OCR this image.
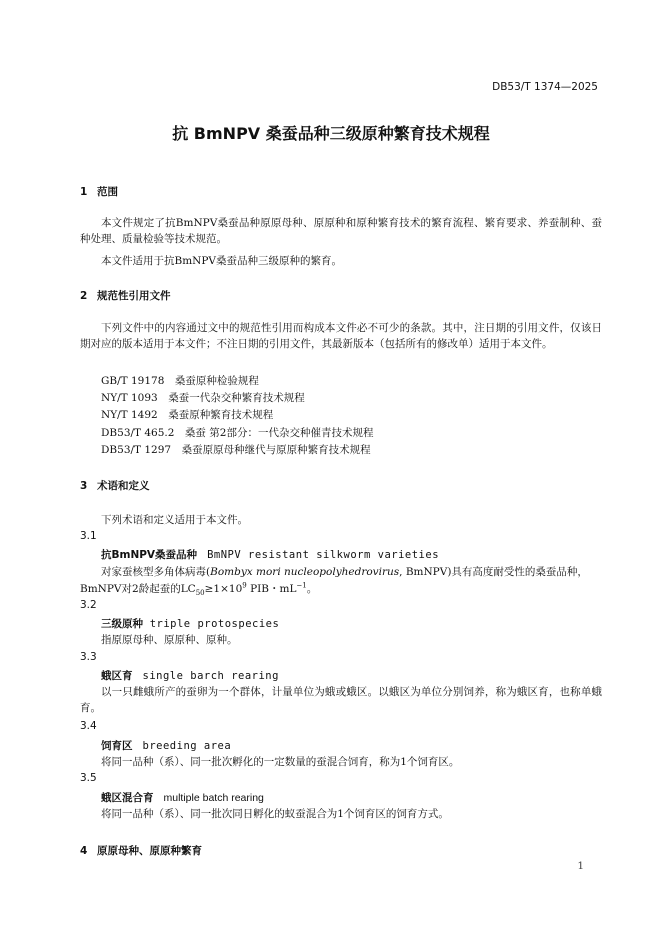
DB53/T 1374—2025
抗 BmNPV 桑蚕品种三级原种繁育技术规程
1 范围
本文件规定了抗BmNPV桑蚕品种原原母种、原原种和原种繁育技术的繁育流程、繁育要求、养蚕制种、蚕种处理、质量检验等技术规范。
本文件适用于抗BmNPV桑蚕品种三级原种的繁育。
2 规范性引用文件
下列文件中的内容通过文中的规范性引用而构成本文件必不可少的条款。其中，注日期的引用文件，仅该日期对应的版本适用于本文件；不注日期的引用文件，其最新版本（包括所有的修改单）适用于本文件。
GB/T 19178　桑蚕原种检验规程
NY/T 1093　桑蚕一代杂交种繁育技术规程
NY/T 1492　桑蚕原种繁育技术规程
DB53/T 465.2　桑蚕 第2部分：一代杂交种催青技术规程
DB53/T 1297　桑蚕原原母种继代与原原种繁育技术规程
3 术语和定义
下列术语和定义适用于本文件。
3.1
抗BmNPV桑蚕品种 BmNPV resistant silkworm varieties
对家蚕核型多角体病毒(Bombyx mori nucleopolyhedrovirus, BmNPV)具有高度耐受性的桑蚕品种，
BmNPV对2龄起蚕的$LC_{50}\ge 1\times 10^9$ PIB・$mL^{-1}$。
3.2
三级原种 triple protospecies
指原原母种、原原种、原种。
3.3
蛾区育 single barch rearing
以一只雌蛾所产的蚕卵为一个群体，计量单位为蛾或蛾区。以蛾区为单位分别饲养，称为蛾区育，也称单蛾育。
3.4
饲育区 breeding area
将同一品种（系）、同一批次孵化的一定数量的蚕混合饲育，称为1个饲育区。
3.5
蛾区混合育 multiple batch rearing
将同一品种（系）、同一批次同日孵化的蚁蚕混合为1个饲育区的饲育方式。
4 原原母种、原原种繁育
1
